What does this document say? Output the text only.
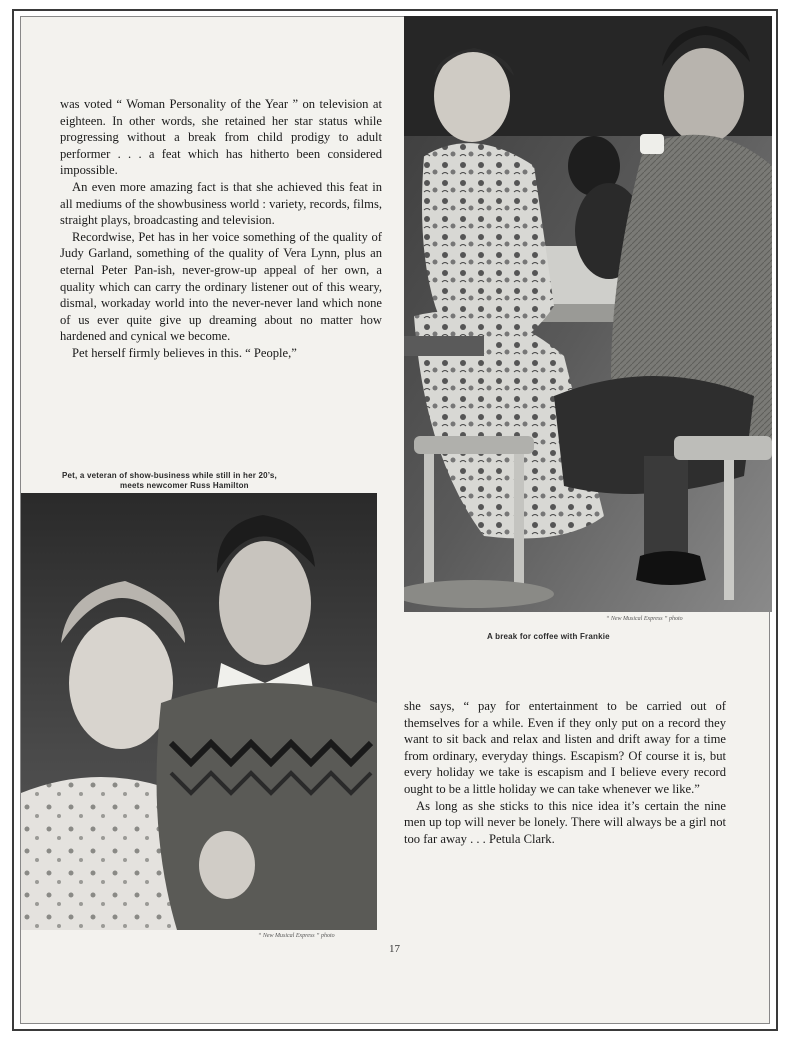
was voted “ Woman Personality of the Year ” on television at eighteen. In other words, she retained her star status while progressing without a break from child prodigy to adult performer . . . a feat which has hitherto been considered impossible.

An even more amazing fact is that she achieved this feat in all mediums of the showbusiness world : variety, records, films, straight plays, broadcasting and television.

Recordwise, Pet has in her voice something of the quality of Judy Garland, something of the quality of Vera Lynn, plus an eternal Peter Pan-ish, never-grow-up appeal of her own, a quality which can carry the ordinary listener out of this weary, dismal, workaday world into the never-never land which none of us ever quite give up dreaming about no matter how hardened and cynical we become.

Pet herself firmly believes in this. “ People,”

“ New Musical Express ” photo
A break for coffee with Frankie
Pet, a veteran of show-business while still in her 20’s,
meets newcomer Russ Hamilton
“ New Musical Express ” photo

she says, “ pay for entertainment to be carried out of themselves for a while. Even if they only put on a record they want to sit back and relax and listen and drift away for a time from ordinary, everyday things. Escapism? Of course it is, but every holiday we take is escapism and I believe every record ought to be a little holiday we can take whenever we like.”

As long as she sticks to this nice idea it’s certain the nine men up top will never be lonely. There will always be a girl not too far away . . . Petula Clark.

17
